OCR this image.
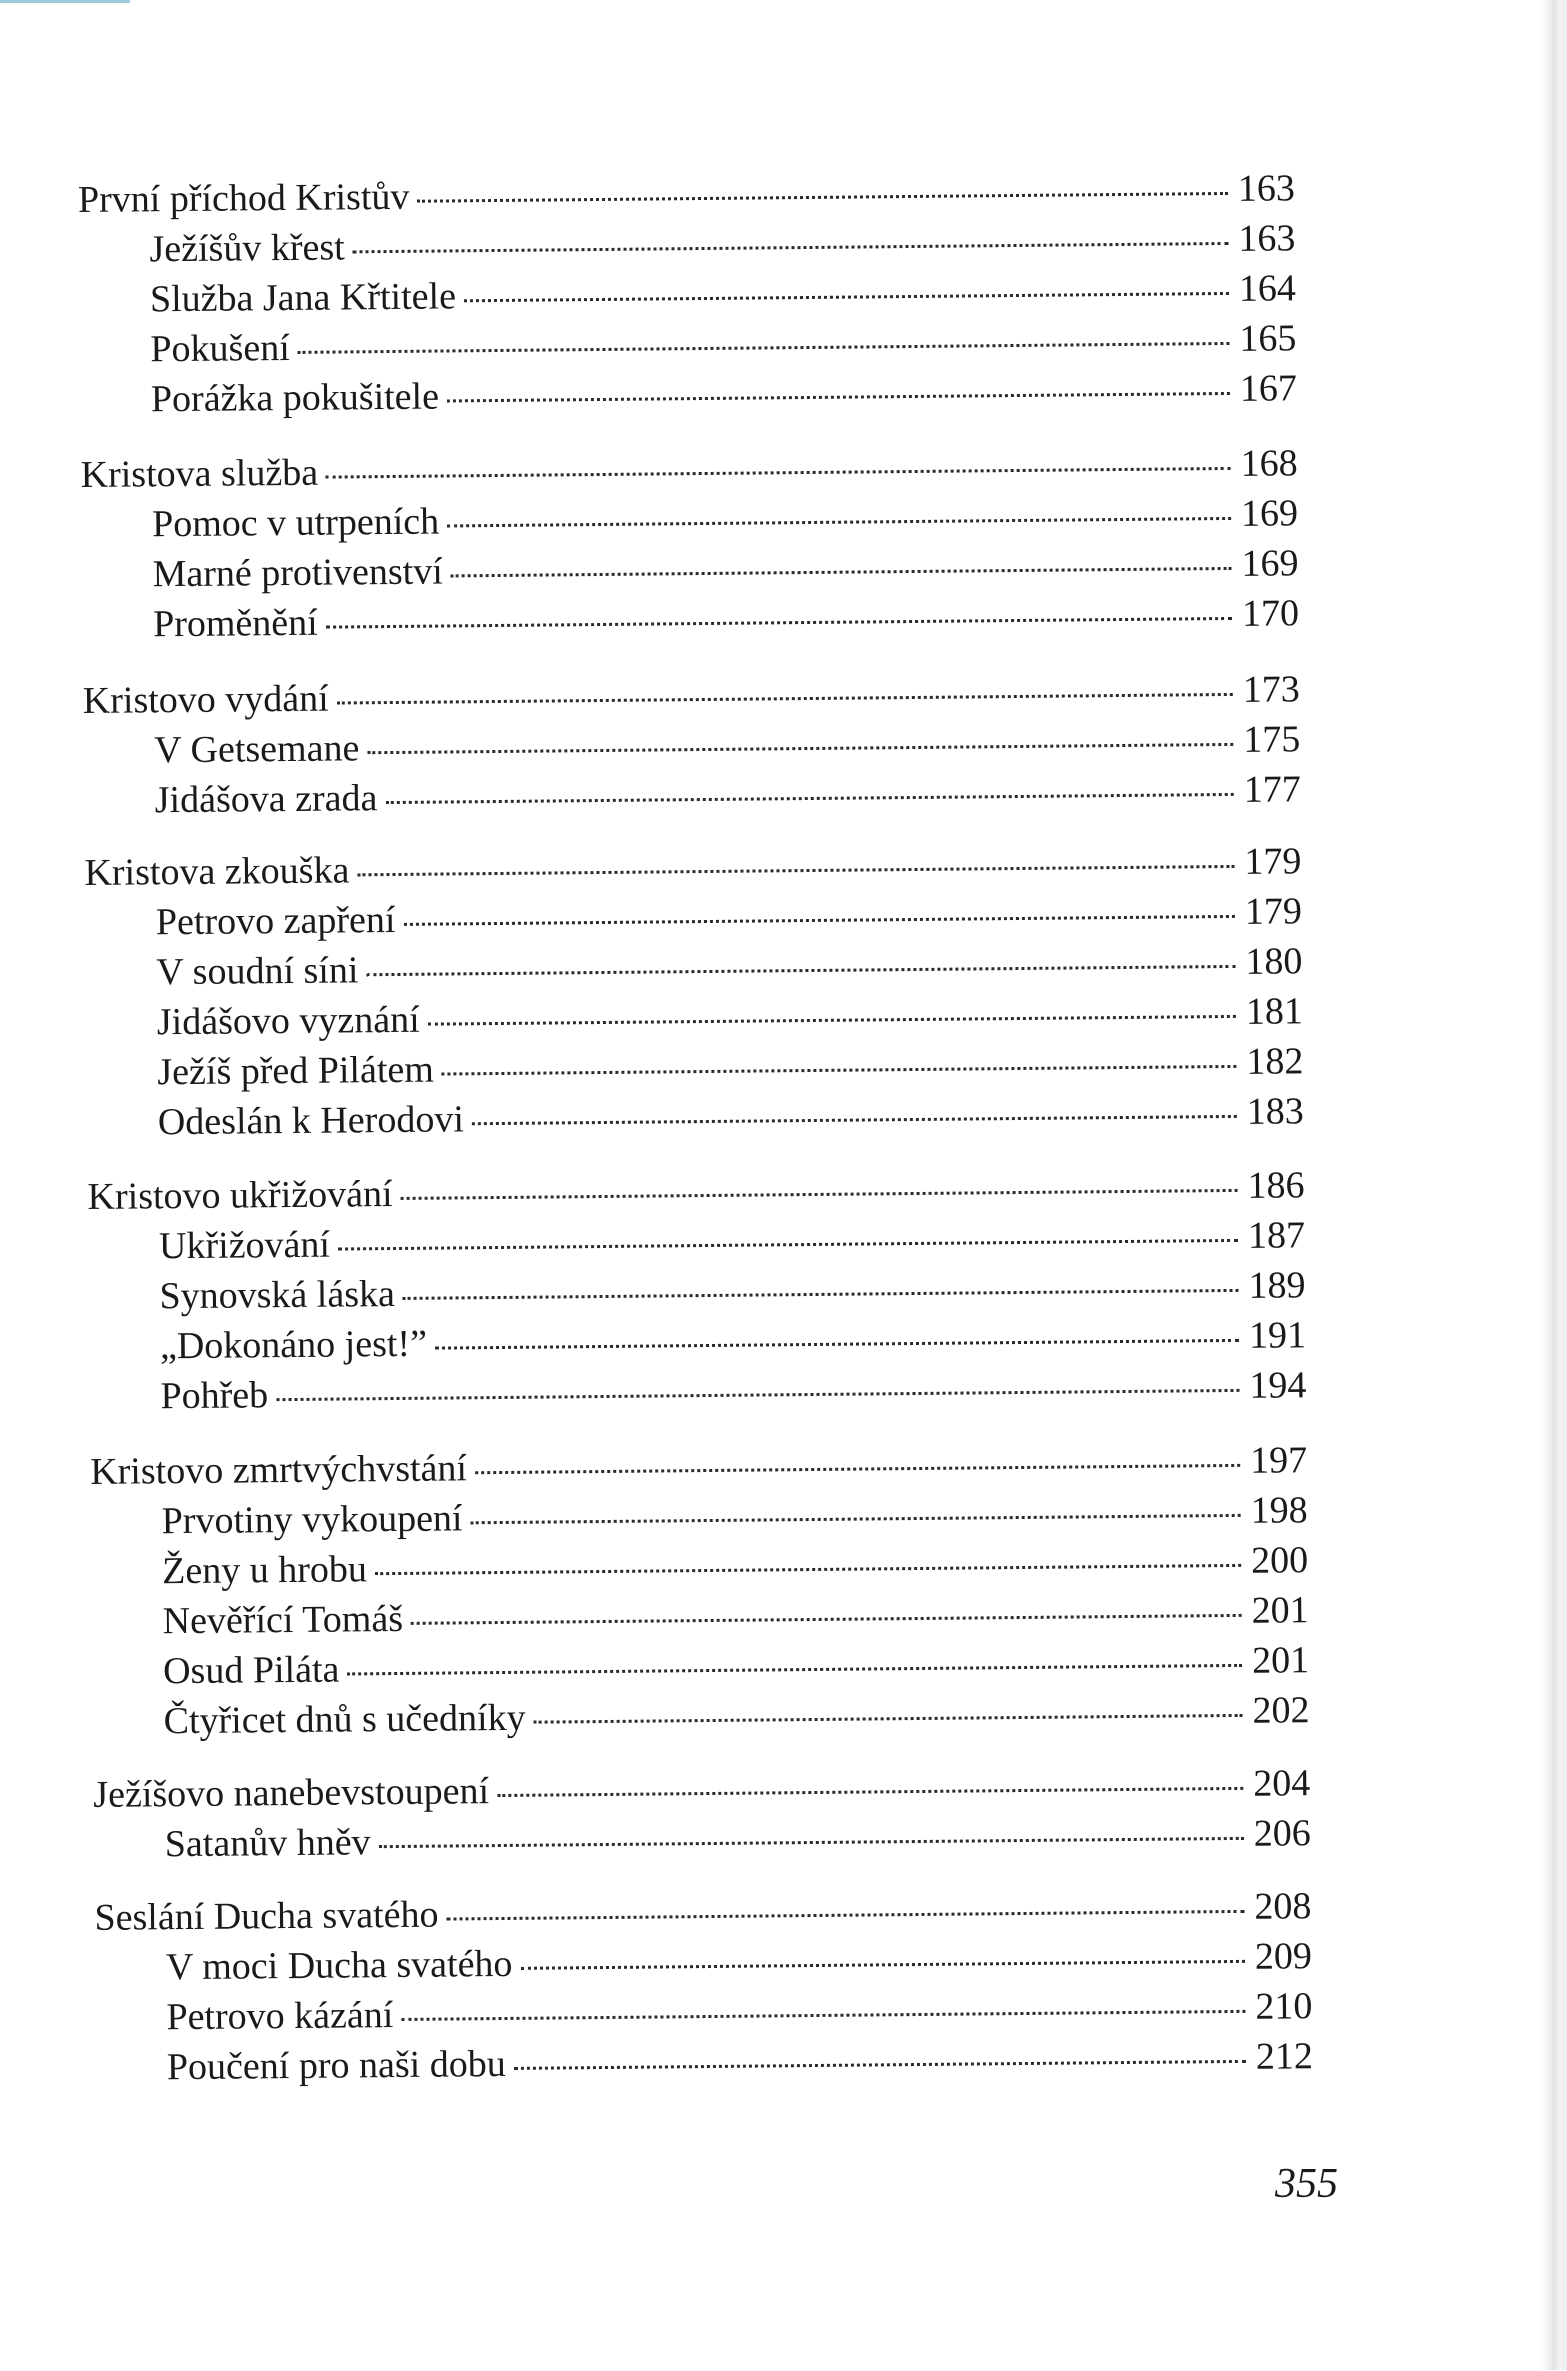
První příchod Kristův	163
Ježíšův křest	163
Služba Jana Křtitele	164
Pokušení	165
Porážka pokušitele	167
Kristova služba	168
Pomoc v utrpeních	169
Marné protivenství	169
Proměnění	170
Kristovo vydání	173
V Getsemane	175
Jidášova zrada	177
Kristova zkouška	179
Petrovo zapření	179
V soudní síni	180
Jidášovo vyznání	181
Ježíš před Pilátem	182
Odeslán k Herodovi	183
Kristovo ukřižování	186
Ukřižování	187
Synovská láska	189
„Dokonáno jest!”	191
Pohřeb	194
Kristovo zmrtvýchvstání	197
Prvotiny vykoupení	198
Ženy u hrobu	200
Nevěřící Tomáš	201
Osud Piláta	201
Čtyřicet dnů s učedníky	202
Ježíšovo nanebevstoupení	204
Satanův hněv	206
Seslání Ducha svatého	208
V moci Ducha svatého	209
Petrovo kázání	210
Poučení pro naši dobu	212
355
